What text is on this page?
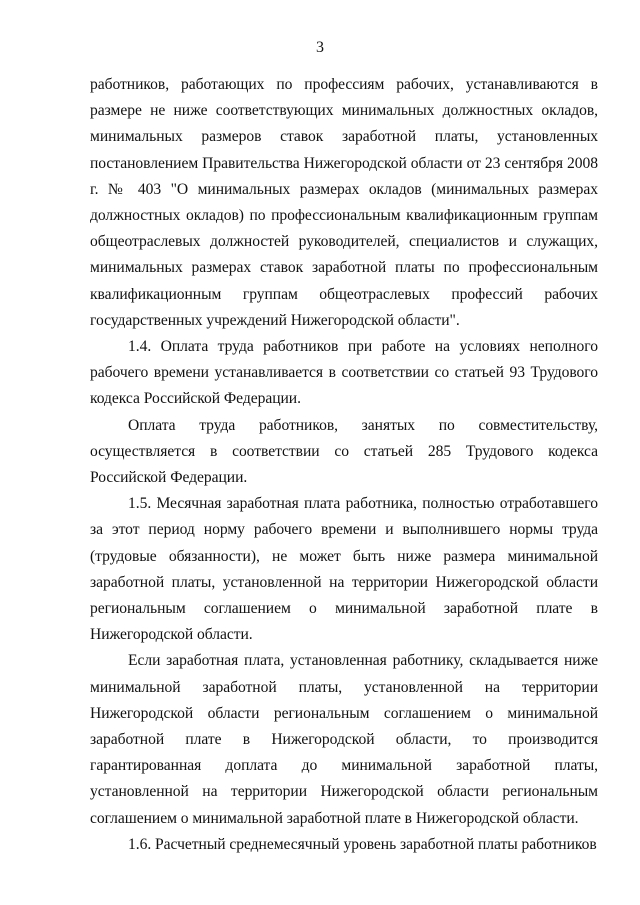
3

работников, работающих по профессиям рабочих, устанавливаются в размере не ниже соответствующих минимальных должностных окладов, минимальных размеров ставок заработной платы, установленных постановлением Правительства Нижегородской области от 23 сентября 2008 г. № 403 "О минимальных размерах окладов (минимальных размерах должностных окладов) по профессиональным квалификационным группам общеотраслевых должностей руководителей, специалистов и служащих, минимальных размерах ставок заработной платы по профессиональным квалификационным группам общеотраслевых профессий рабочих государственных учреждений Нижегородской области".

1.4. Оплата труда работников при работе на условиях неполного рабочего времени устанавливается в соответствии со статьей 93 Трудового кодекса Российской Федерации.

Оплата труда работников, занятых по совместительству, осуществляется в соответствии со статьей 285 Трудового кодекса Российской Федерации.

1.5. Месячная заработная плата работника, полностью отработавшего за этот период норму рабочего времени и выполнившего нормы труда (трудовые обязанности), не может быть ниже размера минимальной заработной платы, установленной на территории Нижегородской области региональным соглашением о минимальной заработной плате в Нижегородской области.

Если заработная плата, установленная работнику, складывается ниже минимальной заработной платы, установленной на территории Нижегородской области региональным соглашением о минимальной заработной плате в Нижегородской области, то производится гарантированная доплата до минимальной заработной платы, установленной на территории Нижегородской области региональным соглашением о минимальной заработной плате в Нижегородской области.

1.6. Расчетный среднемесячный уровень заработной платы работников
